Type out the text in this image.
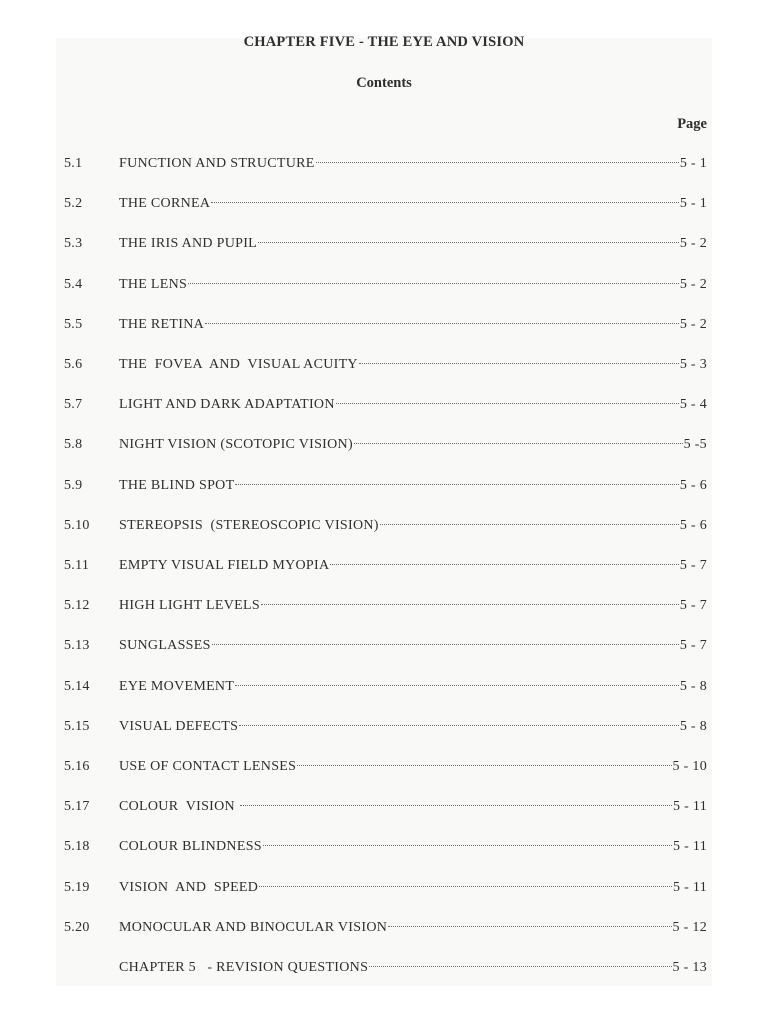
CHAPTER FIVE - THE EYE AND VISION
Contents
Page
5.1	FUNCTION AND STRUCTURE	5 - 1
5.2	THE CORNEA	5 - 1
5.3	THE IRIS AND PUPIL	5 - 2
5.4	THE LENS	5 - 2
5.5	THE RETINA	5 - 2
5.6	THE  FOVEA  AND  VISUAL ACUITY	5 - 3
5.7	LIGHT AND DARK ADAPTATION	5 - 4
5.8	NIGHT VISION (SCOTOPIC VISION)	5 -5
5.9	THE BLIND SPOT	5 - 6
5.10 STEREOPSIS  (STEREOSCOPIC VISION)	5 - 6
5.11 EMPTY VISUAL FIELD MYOPIA	5 - 7
5.12 HIGH LIGHT LEVELS	5 - 7
5.13 SUNGLASSES	5 - 7
5.14 EYE MOVEMENT	5 - 8
5.15 VISUAL DEFECTS	5 - 8
5.16 USE OF CONTACT LENSES	5 - 10
5.17 COLOUR  VISION	5 - 11
5.18 COLOUR BLINDNESS	5 - 11
5.19 VISION  AND  SPEED	5 - 11
5.20 MONOCULAR AND BINOCULAR VISION	5 - 12
CHAPTER 5   - REVISION QUESTIONS	5 - 13
